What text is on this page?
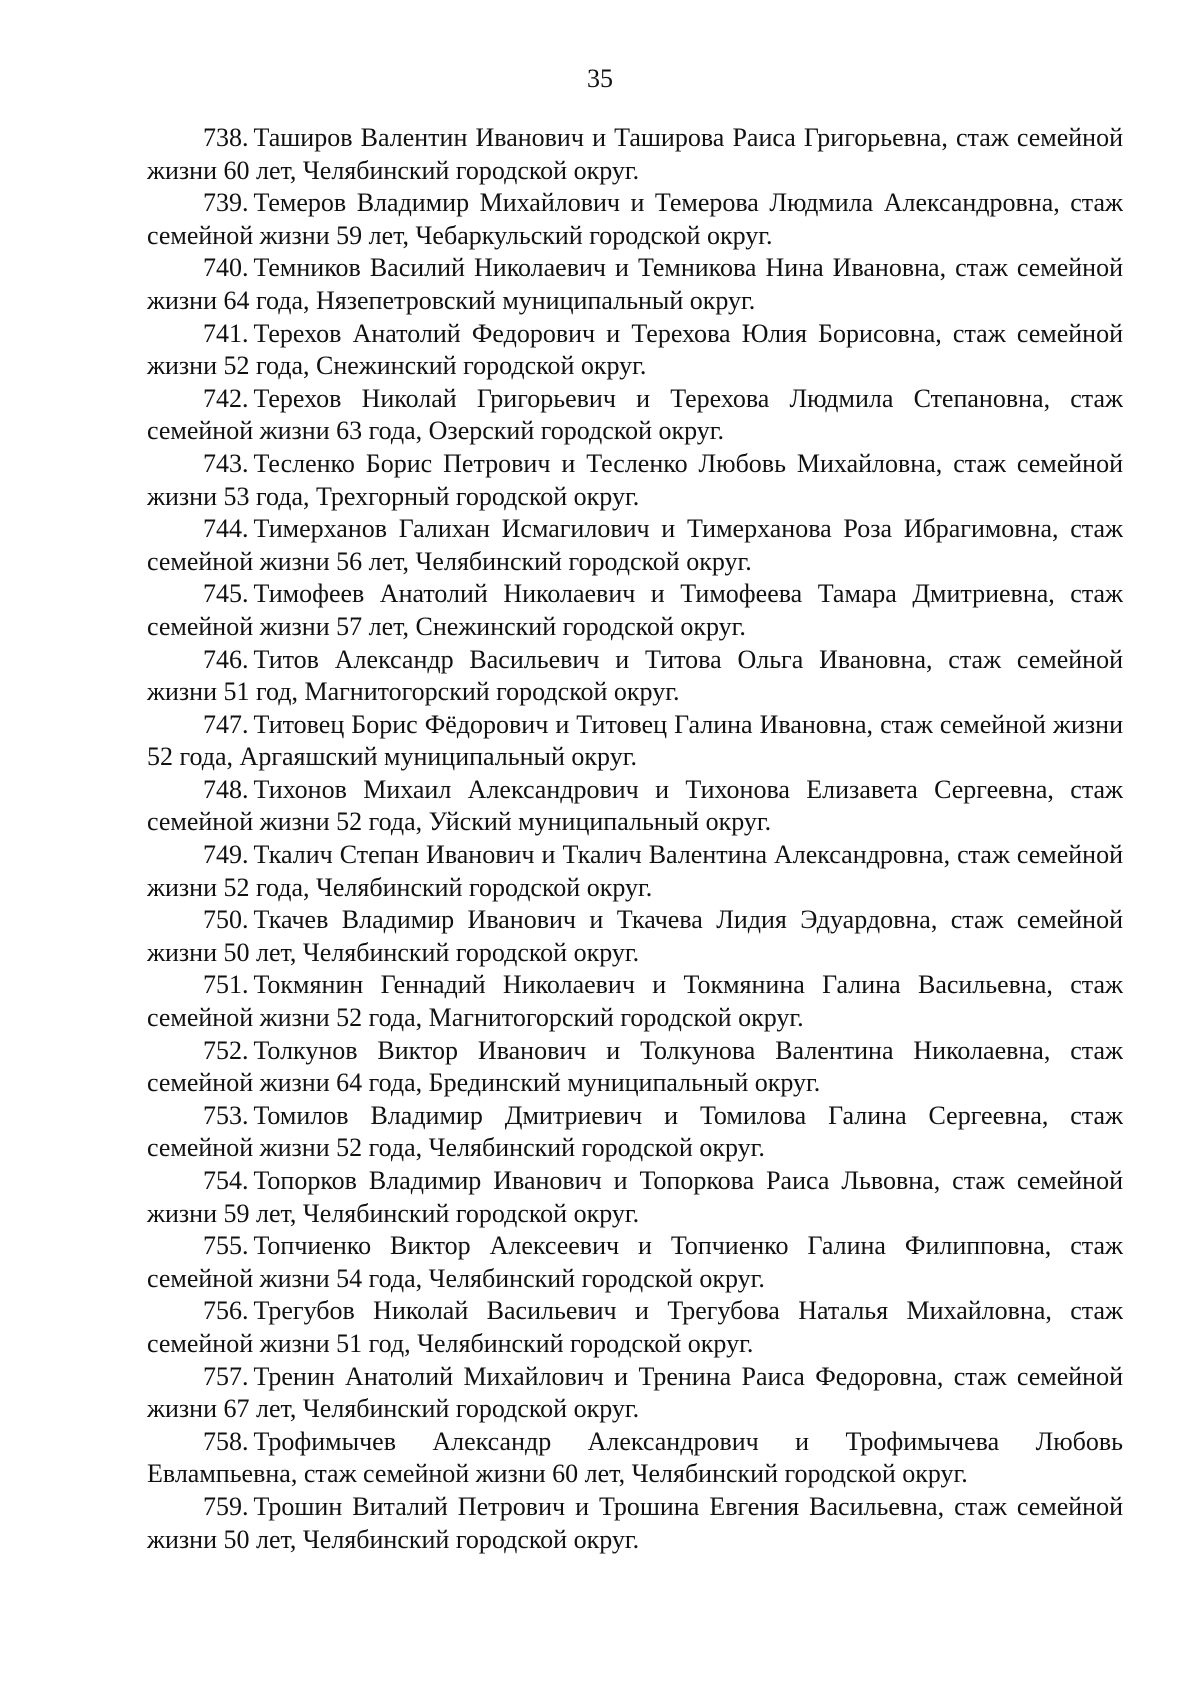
35

738. Таширов Валентин Иванович и Таширова Раиса Григорьевна, стаж семейной жизни 60 лет, Челябинский городской округ.

739. Темеров Владимир Михайлович и Темерова Людмила Александровна, стаж семейной жизни 59 лет, Чебаркульский городской округ.

740. Темников Василий Николаевич и Темникова Нина Ивановна, стаж семейной жизни 64 года, Нязепетровский муниципальный округ.

741. Терехов Анатолий Федорович и Терехова Юлия Борисовна, стаж семейной жизни 52 года, Снежинский городской округ.

742. Терехов Николай Григорьевич и Терехова Людмила Степановна, стаж семейной жизни 63 года, Озерский городской округ.

743. Тесленко Борис Петрович и Тесленко Любовь Михайловна, стаж семейной жизни 53 года, Трехгорный городской округ.

744. Тимерханов Галихан Исмагилович и Тимерханова Роза Ибрагимовна, стаж семейной жизни 56 лет, Челябинский городской округ.

745. Тимофеев Анатолий Николаевич и Тимофеева Тамара Дмитриевна, стаж семейной жизни 57 лет, Снежинский городской округ.

746. Титов Александр Васильевич и Титова Ольга Ивановна, стаж семейной жизни 51 год, Магнитогорский городской округ.

747. Титовец Борис Фёдорович и Титовец Галина Ивановна, стаж семейной жизни 52 года, Аргаяшский муниципальный округ.

748. Тихонов Михаил Александрович и Тихонова Елизавета Сергеевна, стаж семейной жизни 52 года, Уйский муниципальный округ.

749. Ткалич Степан Иванович и Ткалич Валентина Александровна, стаж семейной жизни 52 года, Челябинский городской округ.

750. Ткачев Владимир Иванович и Ткачева Лидия Эдуардовна, стаж семейной жизни 50 лет, Челябинский городской округ.

751. Токмянин Геннадий Николаевич и Токмянина Галина Васильевна, стаж семейной жизни 52 года, Магнитогорский городской округ.

752. Толкунов Виктор Иванович и Толкунова Валентина Николаевна, стаж семейной жизни 64 года, Брединский муниципальный округ.

753. Томилов Владимир Дмитриевич и Томилова Галина Сергеевна, стаж семейной жизни 52 года, Челябинский городской округ.

754. Топорков Владимир Иванович и Топоркова Раиса Львовна, стаж семейной жизни 59 лет, Челябинский городской округ.

755. Топчиенко Виктор Алексеевич и Топчиенко Галина Филипповна, стаж семейной жизни 54 года, Челябинский городской округ.

756. Трегубов Николай Васильевич и Трегубова Наталья Михайловна, стаж семейной жизни 51 год, Челябинский городской округ.

757. Тренин Анатолий Михайлович и Тренина Раиса Федоровна, стаж семейной жизни 67 лет, Челябинский городской округ.

758. Трофимычев Александр Александрович и Трофимычева Любовь Евлампьевна, стаж семейной жизни 60 лет, Челябинский городской округ.

759. Трошин Виталий Петрович и Трошина Евгения Васильевна, стаж семейной жизни 50 лет, Челябинский городской округ.
